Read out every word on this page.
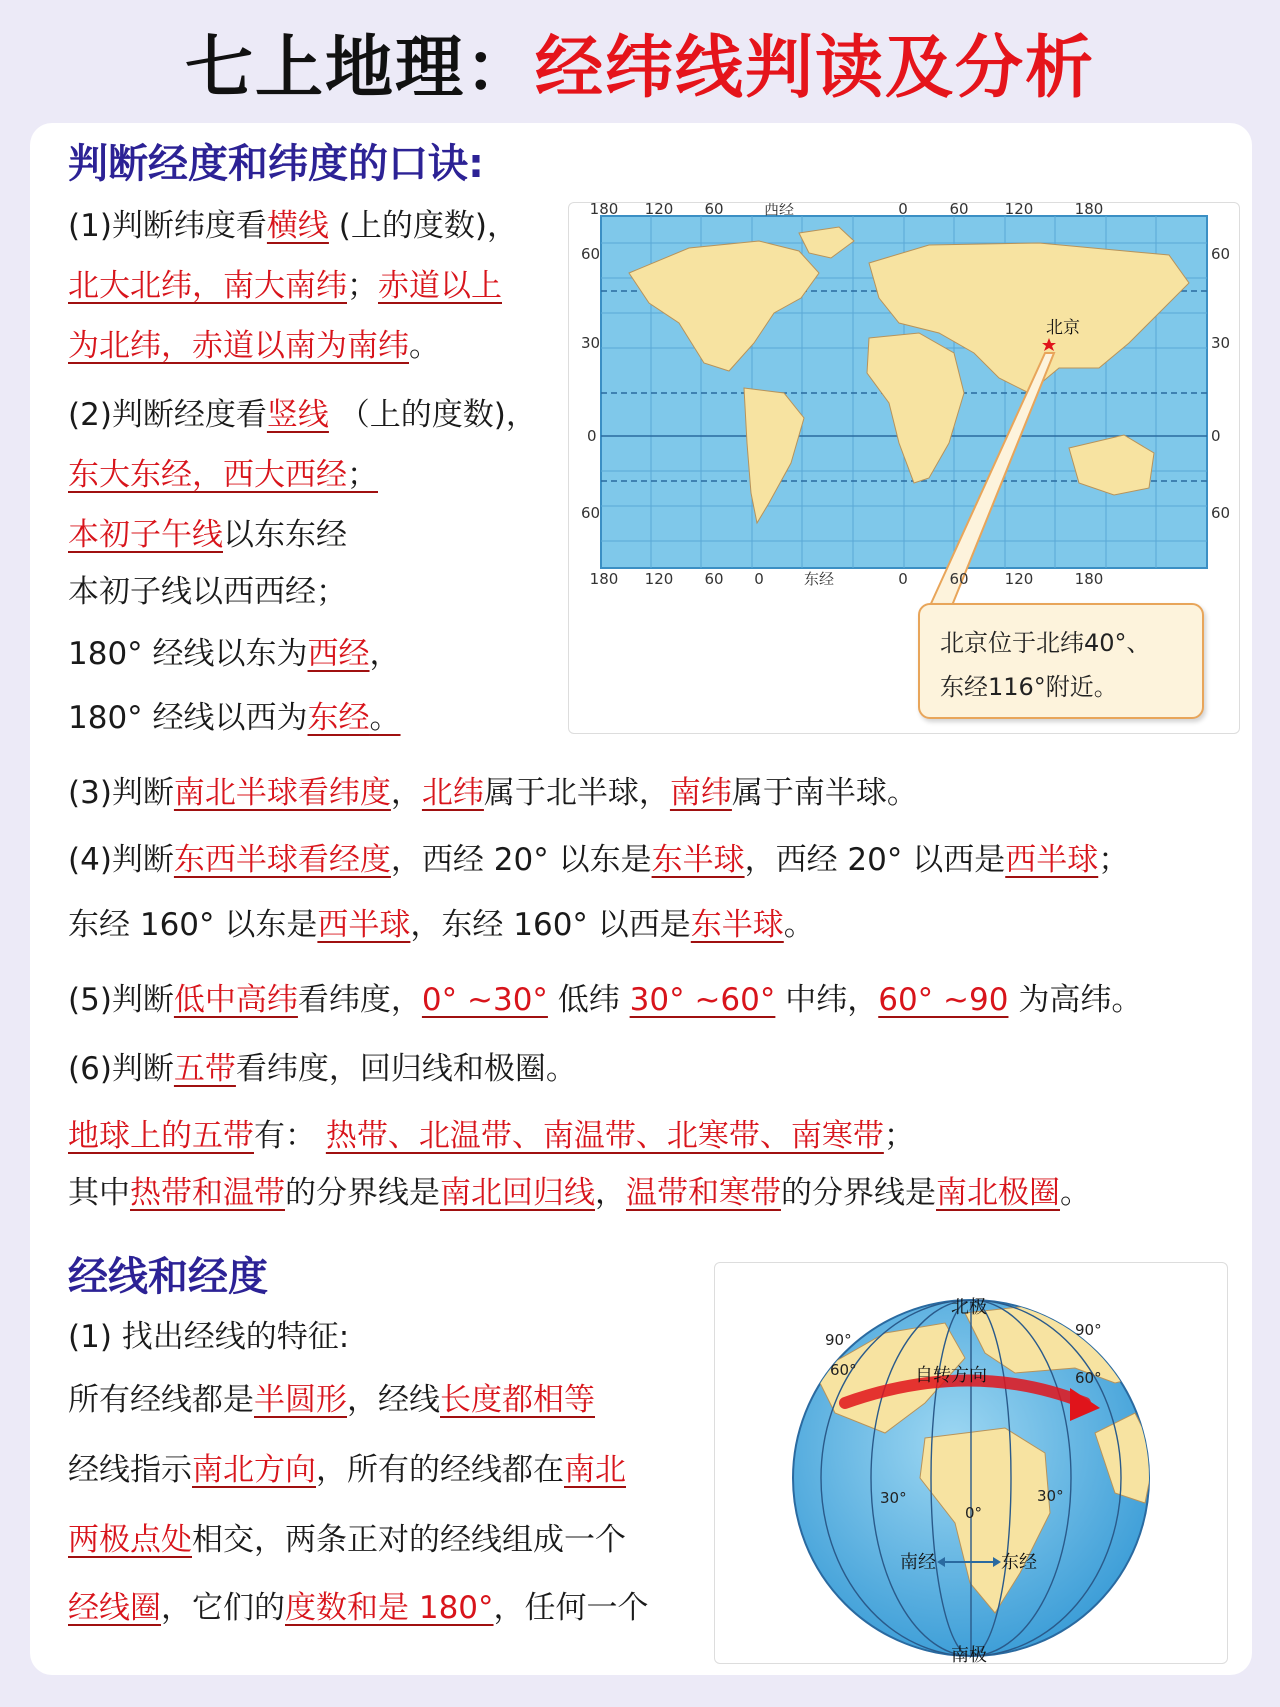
七上地理：经纬线判读及分析
判断经度和纬度的口诀:
(1)判断纬度看横线 (上的度数)，
北大北纬，南大南纬；赤道以上
为北纬，赤道以南为南纬。
(2)判断经度看竖线 （上的度数)，
东大东经，西大西经；
本初子午线以东东经
本初子线以西西经；
180° 经线以东为西经，
180° 经线以西为东经。
北京
180 120 60	西经	0	60 120	180
180 120 60 0	东经	0	60 120	180
60
30
0
60
60
30
0
60
北京位于北纬40°、
东经116°附近。
(3)判断南北半球看纬度，北纬属于北半球，南纬属于南半球。
(4)判断东西半球看经度，西经 20° 以东是东半球，西经 20° 以西是西半球；
东经 160° 以东是西半球，东经 160° 以西是东半球。
(5)判断低中高纬看纬度，0° ~30° 低纬 30° ~60° 中纬，60° ~90 为高纬。
(6)判断五带看纬度，回归线和极圈。
地球上的五带有： 热带、北温带、南温带、北寒带、南寒带；
其中热带和温带的分界线是南北回归线，温带和寒带的分界线是南北极圈。
经线和经度
(1) 找出经线的特征:
所有经线都是半圆形，经线长度都相等
经线指示南北方向，所有的经线都在南北
两极点处相交，两条正对的经线组成一个
经线圈，它们的度数和是 180°，任何一个
北极
南极
自转方向
南经	东经
60°	60°
90°
90°
30°	30°
0°
